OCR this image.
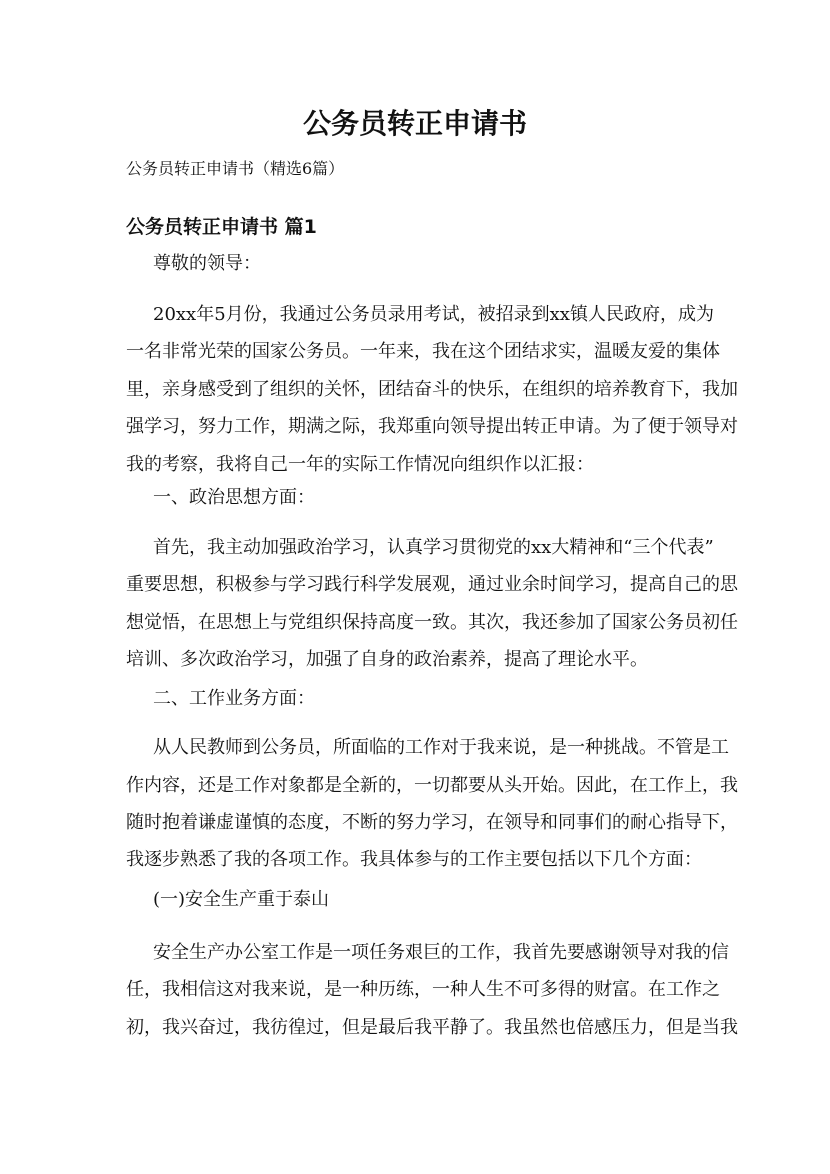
公务员转正申请书
公务员转正申请书（精选6篇）
公务员转正申请书 篇1
尊敬的领导：
20xx年5月份，我通过公务员录用考试，被招录到xx镇人民政府，成为
一名非常光荣的国家公务员。一年来，我在这个团结求实，温暖友爱的集体
里，亲身感受到了组织的关怀，团结奋斗的快乐，在组织的培养教育下，我加
强学习，努力工作，期满之际，我郑重向领导提出转正申请。为了便于领导对
我的考察，我将自己一年的实际工作情况向组织作以汇报：
一、政治思想方面：
首先，我主动加强政治学习，认真学习贯彻党的xx大精神和“三个代表”
重要思想，积极参与学习践行科学发展观，通过业余时间学习，提高自己的思
想觉悟，在思想上与党组织保持高度一致。其次，我还参加了国家公务员初任
培训、多次政治学习，加强了自身的政治素养，提高了理论水平。
二、工作业务方面：
从人民教师到公务员，所面临的工作对于我来说，是一种挑战。不管是工
作内容，还是工作对象都是全新的，一切都要从头开始。因此，在工作上，我
随时抱着谦虚谨慎的态度，不断的努力学习，在领导和同事们的耐心指导下，
我逐步熟悉了我的各项工作。我具体参与的工作主要包括以下几个方面：
(一)安全生产重于泰山
安全生产办公室工作是一项任务艰巨的工作，我首先要感谢领导对我的信
任，我相信这对我来说，是一种历练，一种人生不可多得的财富。在工作之
初，我兴奋过，我彷徨过，但是最后我平静了。我虽然也倍感压力，但是当我
